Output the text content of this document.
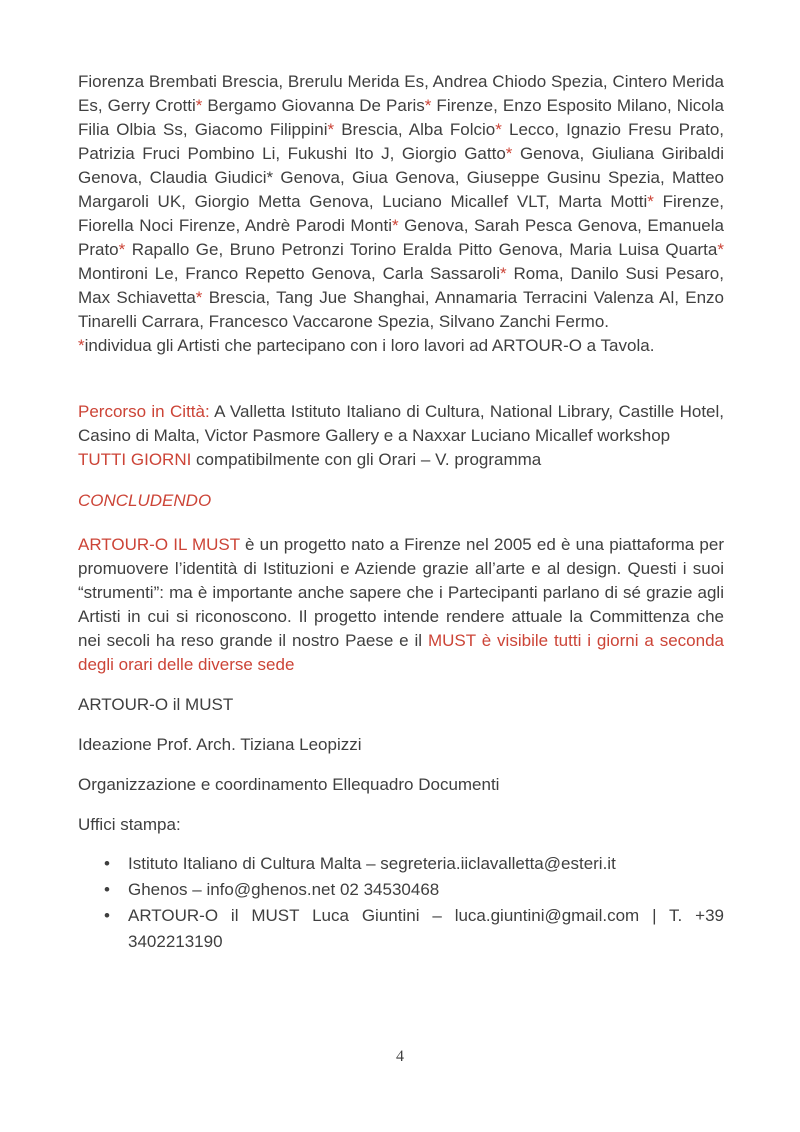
Fiorenza Brembati Brescia, Brerulu Merida Es, Andrea Chiodo Spezia, Cintero Merida Es, Gerry Crotti* Bergamo Giovanna De Paris* Firenze, Enzo Esposito Milano, Nicola Filia Olbia Ss, Giacomo Filippini* Brescia, Alba Folcio* Lecco, Ignazio Fresu Prato, Patrizia Fruci Pombino Li, Fukushi Ito J, Giorgio Gatto* Genova, Giuliana Giribaldi Genova, Claudia Giudici* Genova, Giua Genova, Giuseppe Gusinu Spezia, Matteo Margaroli UK, Giorgio Metta Genova, Luciano Micallef VLT, Marta Motti* Firenze, Fiorella Noci Firenze, Andrè Parodi Monti* Genova, Sarah Pesca Genova, Emanuela Prato* Rapallo Ge, Bruno Petronzi Torino Eralda Pitto Genova, Maria Luisa Quarta* Montironi Le, Franco Repetto Genova, Carla Sassaroli* Roma, Danilo Susi Pesaro, Max Schiavetta* Brescia, Tang Jue Shanghai, Annamaria Terracini Valenza Al, Enzo Tinarelli Carrara, Francesco Vaccarone Spezia, Silvano Zanchi Fermo.

*individua gli Artisti che partecipano con i loro lavori ad ARTOUR-O a Tavola.

Percorso in Città: A Valletta Istituto Italiano di Cultura, National Library, Castille Hotel, Casino di Malta, Victor Pasmore Gallery e a Naxxar Luciano Micallef workshop

TUTTI GIORNI compatibilmente con gli Orari – V. programma

CONCLUDENDO

ARTOUR-O IL MUST è un progetto nato a Firenze nel 2005 ed è una piattaforma per promuovere l’identità di Istituzioni e Aziende grazie all’arte e al design. Questi i suoi “strumenti”: ma è importante anche sapere che i Partecipanti parlano di sé grazie agli Artisti in cui si riconoscono. Il progetto intende rendere attuale la Committenza che nei secoli ha reso grande il nostro Paese e il MUST è visibile tutti i giorni a seconda degli orari delle diverse sede

ARTOUR-O il MUST

Ideazione Prof. Arch. Tiziana Leopizzi

Organizzazione e coordinamento Ellequadro Documenti

Uffici stampa:

• Istituto Italiano di Cultura Malta – segreteria.iiclavalletta@esteri.it
• Ghenos – info@ghenos.net 02 34530468
• ARTOUR-O il MUST Luca Giuntini – luca.giuntini@gmail.com | T. +39 3402213190
4
